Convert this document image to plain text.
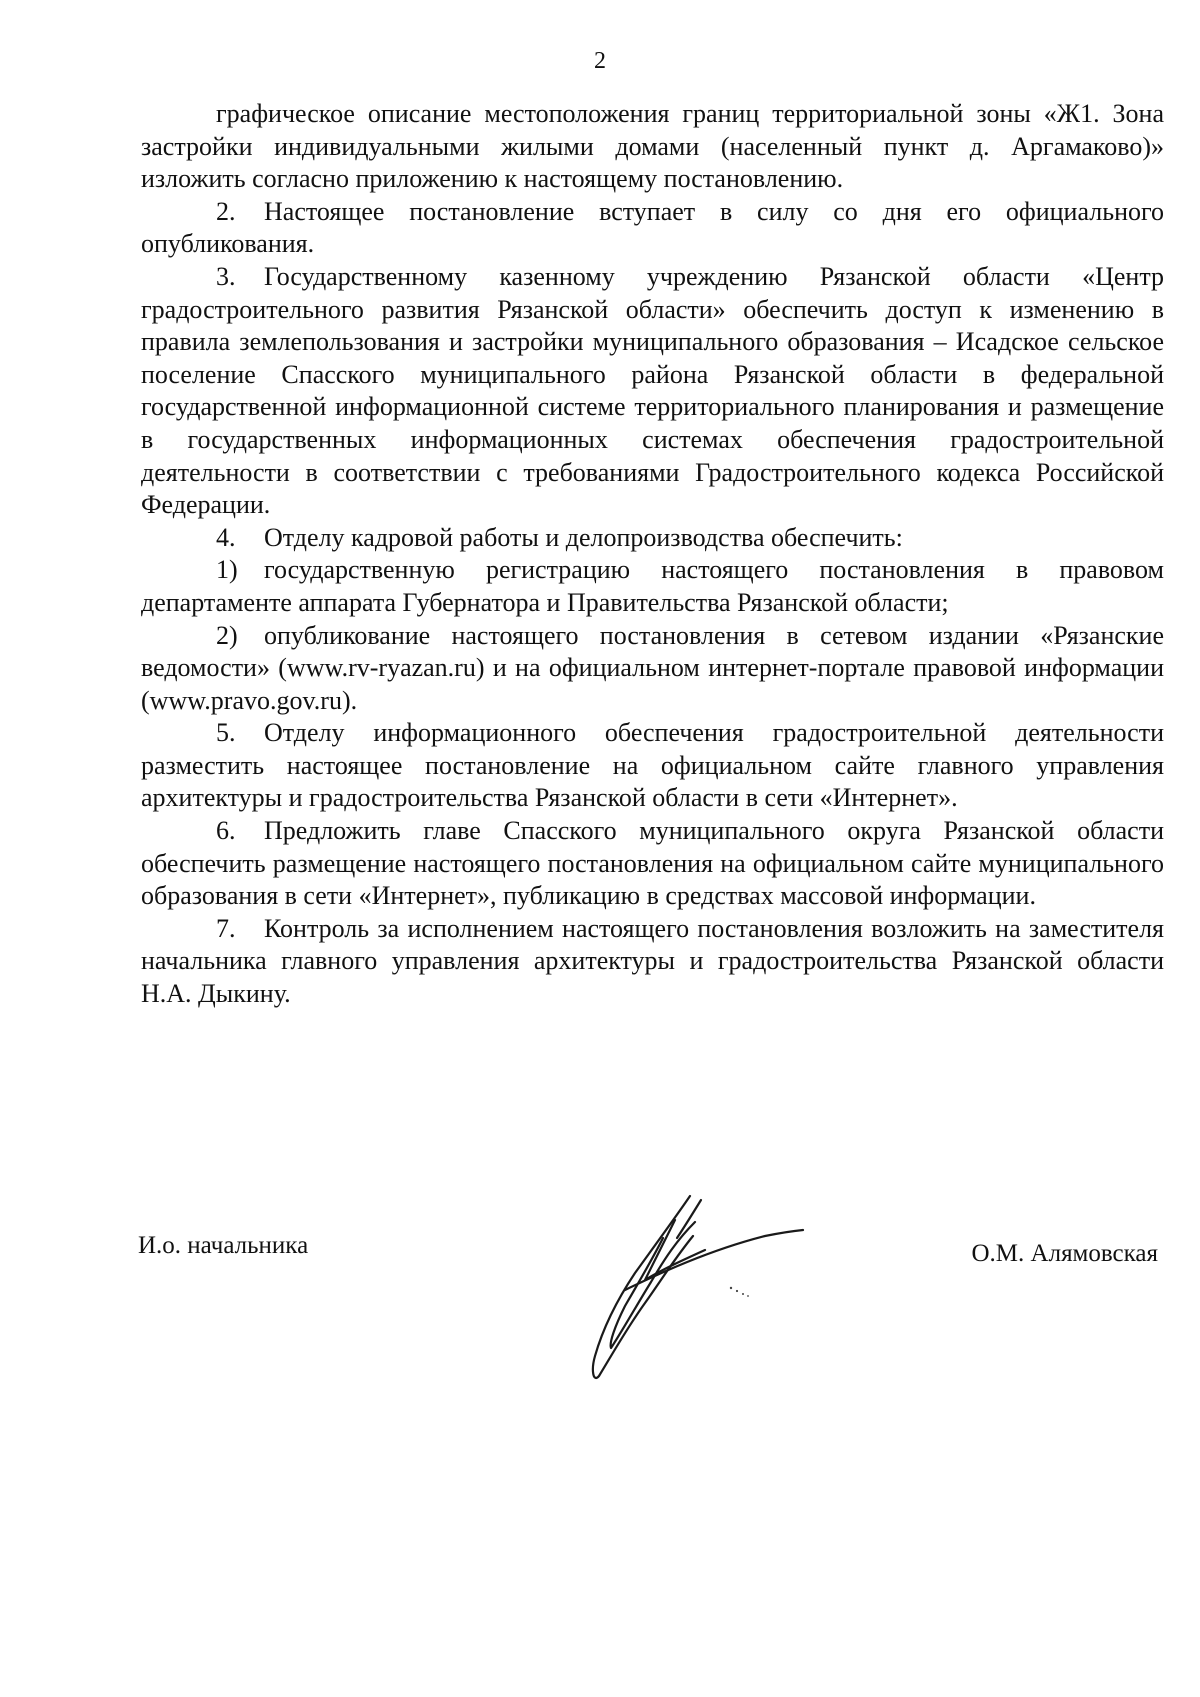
2

графическое описание местоположения границ территориальной зоны «Ж1. Зона застройки индивидуальными жилыми домами (населенный пункт д. Аргамаково)» изложить согласно приложению к настоящему постановлению.

2. Настоящее постановление вступает в силу со дня его официального опубликования.

3. Государственному казенному учреждению Рязанской области «Центр градостроительного развития Рязанской области» обеспечить доступ к изменению в правила землепользования и застройки муниципального образования – Исадское сельское поселение Спасского муниципального района Рязанской области в федеральной государственной информационной системе территориального планирования и размещение в государственных информационных системах обеспечения градостроительной деятельности в соответствии с требованиями Градостроительного кодекса Российской Федерации.

4. Отделу кадровой работы и делопроизводства обеспечить:

1) государственную регистрацию настоящего постановления в правовом департаменте аппарата Губернатора и Правительства Рязанской области;

2) опубликование настоящего постановления в сетевом издании «Рязанские ведомости» (www.rv-ryazan.ru) и на официальном интернет-портале правовой информации (www.pravo.gov.ru).

5. Отделу информационного обеспечения градостроительной деятельности разместить настоящее постановление на официальном сайте главного управления архитектуры и градостроительства Рязанской области в сети «Интернет».

6. Предложить главе Спасского муниципального округа Рязанской области обеспечить размещение настоящего постановления на официальном сайте муниципального образования в сети «Интернет», публикацию в средствах массовой информации.

7. Контроль за исполнением настоящего постановления возложить на заместителя начальника главного управления архитектуры и градостроительства Рязанской области Н.А. Дыкину.

И.о. начальника	О.М. Алямовская
